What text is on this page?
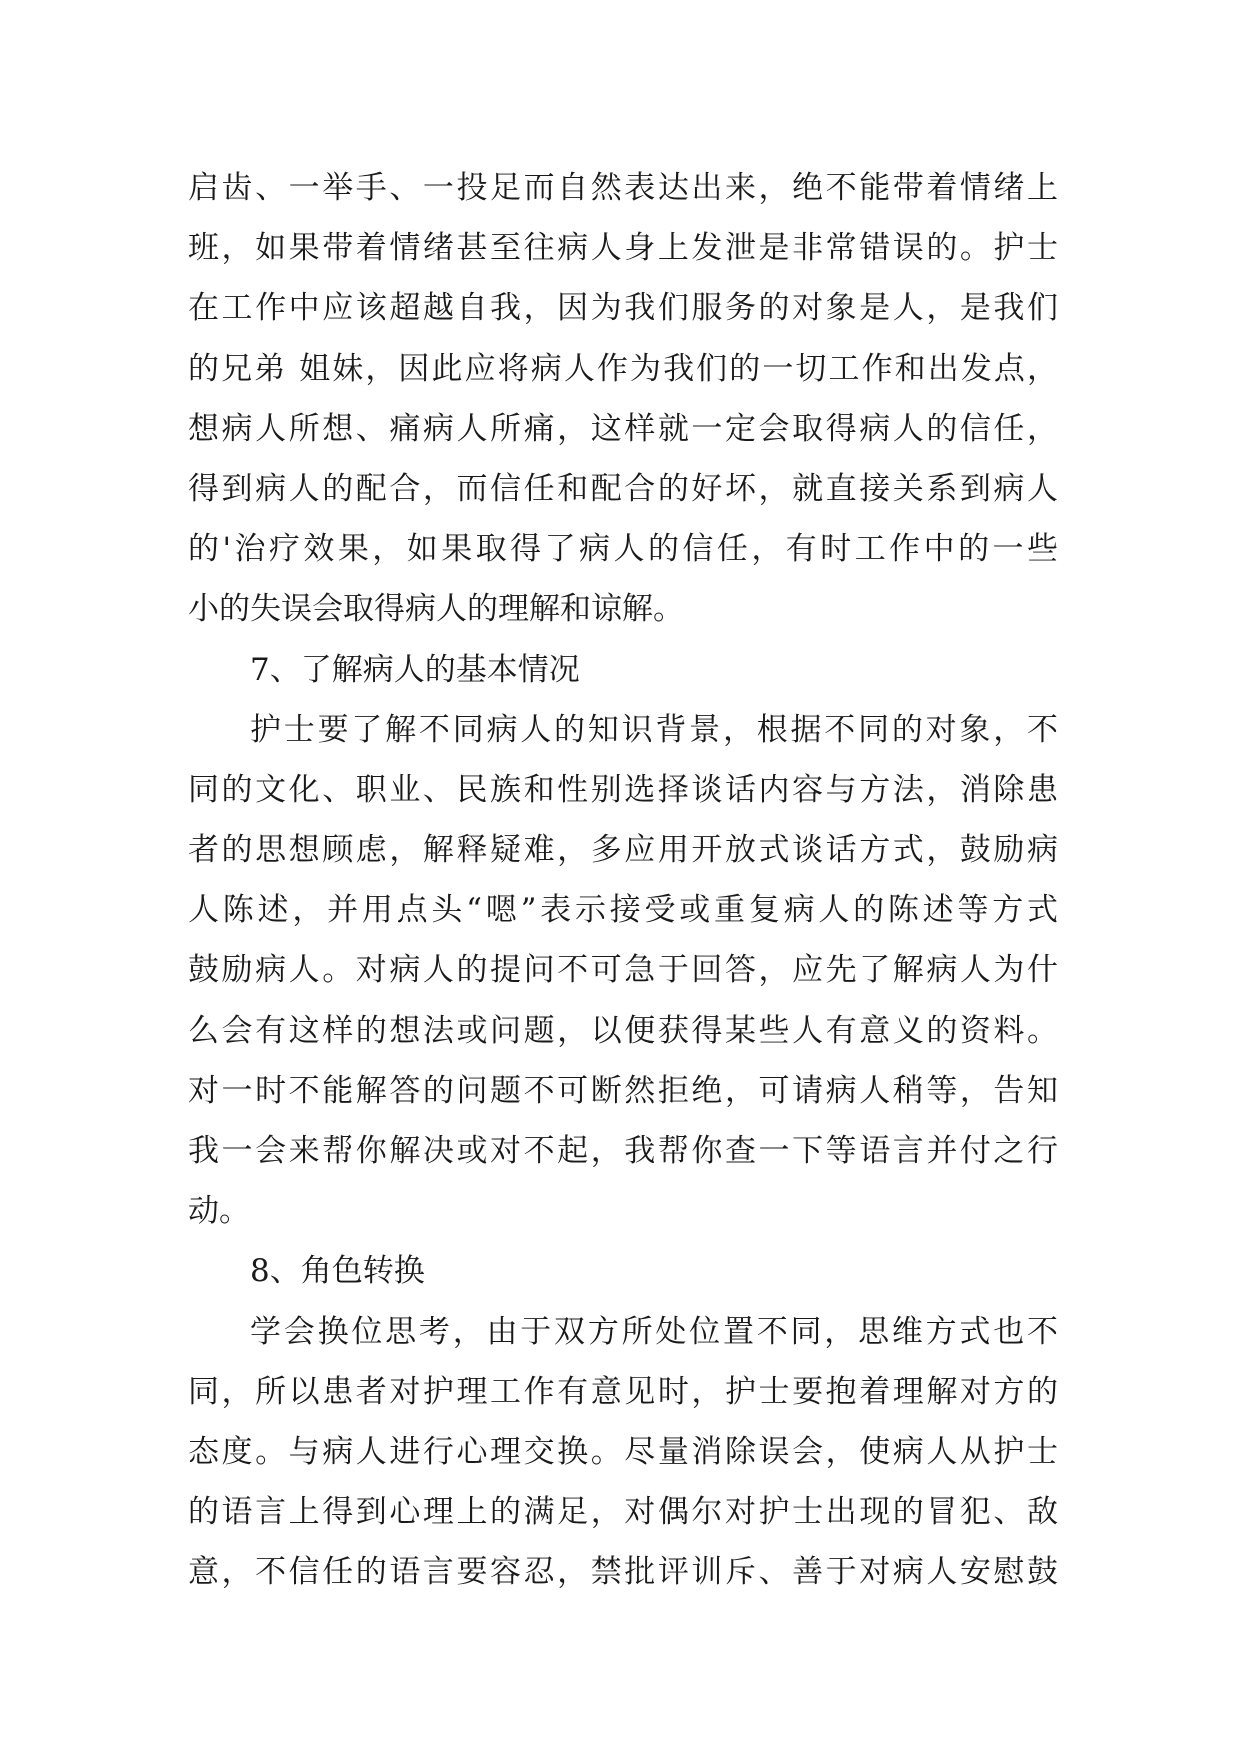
启齿、一举手、一投足而自然表达出来，绝不能带着情绪上
班，如果带着情绪甚至往病人身上发泄是非常错误的。护士
在工作中应该超越自我，因为我们服务的对象是人，是我们
的兄弟 姐妹，因此应将病人作为我们的一切工作和出发点，
想病人所想、痛病人所痛，这样就一定会取得病人的信任，
得到病人的配合，而信任和配合的好坏，就直接关系到病人
的'治疗效果，如果取得了病人的信任，有时工作中的一些
小的失误会取得病人的理解和谅解。
7、了解病人的基本情况
护士要了解不同病人的知识背景，根据不同的对象，不
同的文化、职业、民族和性别选择谈话内容与方法，消除患
者的思想顾虑，解释疑难，多应用开放式谈话方式，鼓励病
人陈述，并用点头“嗯”表示接受或重复病人的陈述等方式
鼓励病人。对病人的提问不可急于回答，应先了解病人为什
么会有这样的想法或问题，以便获得某些人有意义的资料。
对一时不能解答的问题不可断然拒绝，可请病人稍等，告知
我一会来帮你解决或对不起，我帮你查一下等语言并付之行
动。
8、角色转换
学会换位思考，由于双方所处位置不同，思维方式也不
同，所以患者对护理工作有意见时，护士要抱着理解对方的
态度。与病人进行心理交换。尽量消除误会，使病人从护士
的语言上得到心理上的满足，对偶尔对护士出现的冒犯、敌
意，不信任的语言要容忍，禁批评训斥、善于对病人安慰鼓
